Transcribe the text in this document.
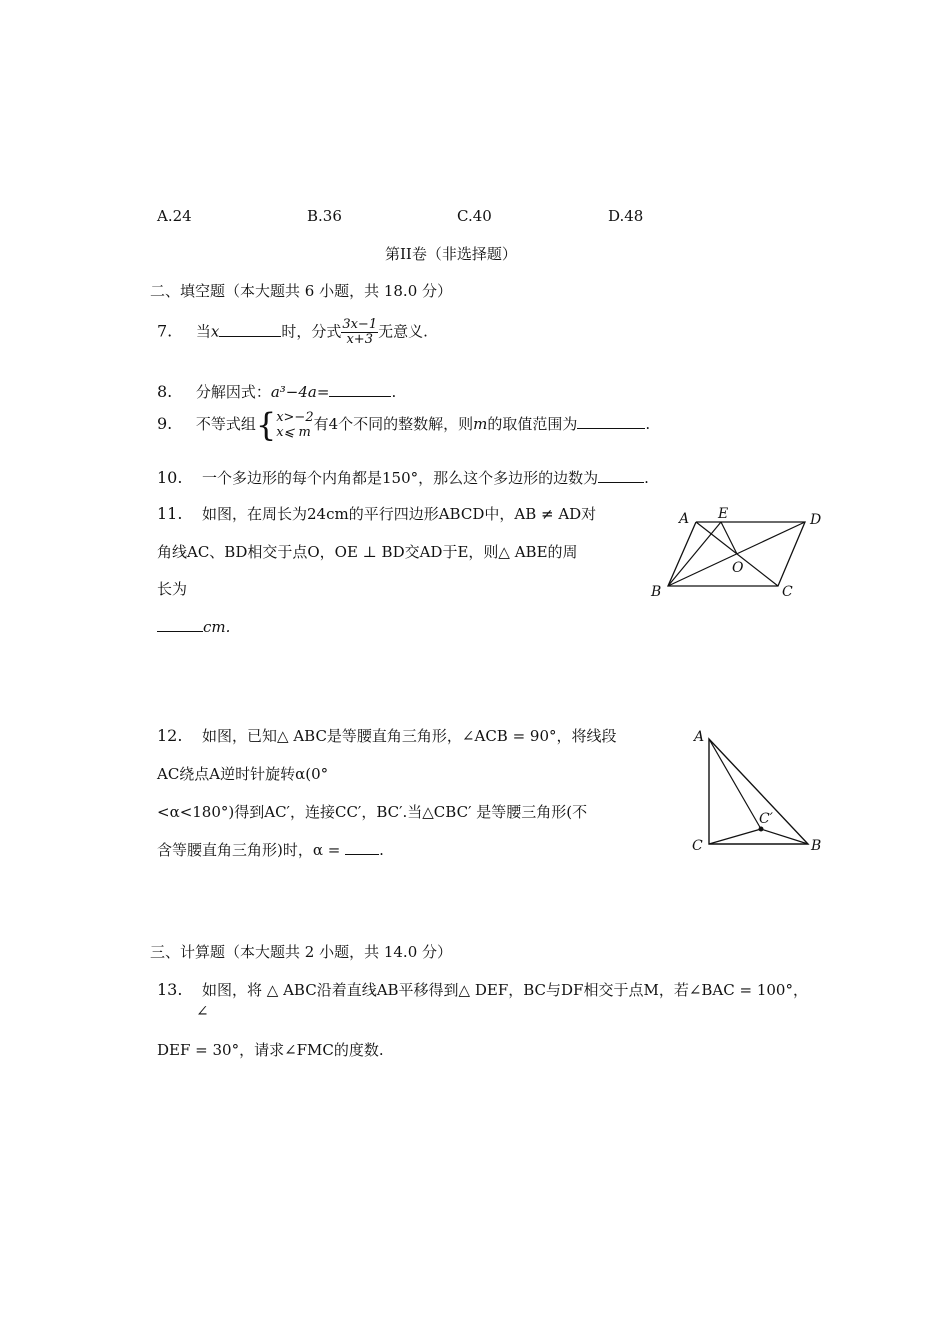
A.24	B.36	C.40	D.48
第II卷（非选择题）
二、填空题（本大题共 6 小题，共 18.0 分）
7. 当x	时，分式 $\frac{3x-1}{x+3}$ 无意义.
8. 分解因式：a³−4a=	.
9. 不等式组{ x>−2
x⩽ m 有4个不同的整数解，则m的取值范围为	.
10. 一个多边形的每个内角都是150°，那么这个多边形的边数为	.
11. 如图，在周长为24cm的平行四边形ABCD中，AB ≠ AD对
角线AC、BD相交于点O，OE ⊥ BD交AD于E，则△ ABE的周
长为
cm.
A E	D
O
B	C
12. 如图，已知△ ABC是等腰直角三角形，∠ACB = 90°，将线段
AC绕点A逆时针旋转α(0°
<α<180°)得到AC′，连接CC′，BC′.当△CBC′ 是等腰三角形(不
含等腰直角三角形)时，α = .
A
C	B
C′
三、计算题（本大题共 2 小题，共 14.0 分）
13. 如图，将 △ ABC沿着直线AB平移得到△ DEF，BC与DF相交于点M，若∠BAC = 100°，
∠
DEF = 30°，请求∠FMC的度数.
